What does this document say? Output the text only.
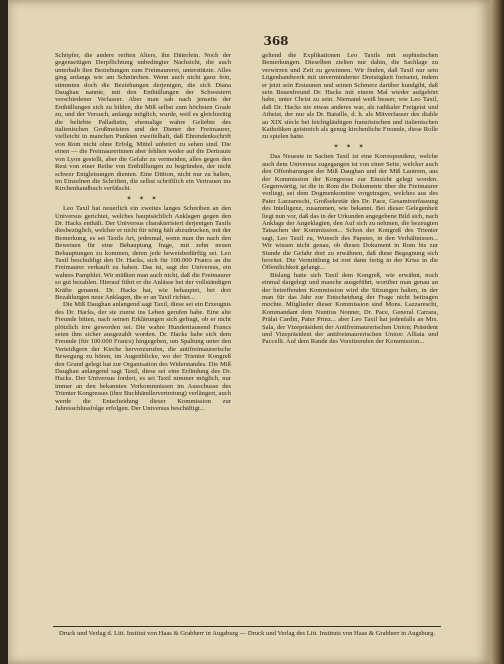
368

Schöpfer, die andere reiften Alters, ihn Däterlein. Noch der gegenseitigen Derpflichtung unbedingter Nachsicht, die auch unterhalb ihre Beziehungen zum Freimaurerei, unterstützte. Alles ging anfangs wie am Schnürchen. Wenn auch nicht ganz fein, stimmten doch die Beziehungen derjenigen, die sich Diana Daughan nannte, mit den Enthüllungen der Schwestern verschiedener Verfasser. Aber man sah nach jenseits der Enthüllungen sich zu bilden, die Miß selbst zum höchsten Grade zu, und der Versuch, anfangs möglich, wurde, weil es gleichzeitig die beliebte Palladistin, ehemalige wahre Geliebte des italienischen Großmeisters und der Diener der Freimaurer, vielleicht in manchen Punkten zweifelhaft, daß Ehrendenkschrift von Rom nicht ohne Erfolg, Mittel unbeirrt zu sehen sind. Die einen — die Freimaurerinnen aber fehlten weder auf die Dertraute von Lyon gestellt, aber die Gefahr zu vermeiden, alles gegen den Rest von einer Reihe von Enthüllungen zu begründen, der nicht schwer Entgleisungen dienten. Eine Dittion, nicht nur zu halten, im Einzelnen die Schriften, die selbst schriftlich ein Vertrauen ins Kirchenhandbuch verfälscht.

✶ ✶ ✶

Leo Taxil hat neuerlich ein zweites langes Schreiben an den Universus gerichtet, welches hauptsächlich Anklagen gegen den Dr. Hacks enthält. Der Universus charakterisiert derjenigen Taxils diesbezüglich, welcher er nicht für nötig hält abzudrucken, mit der Bemerkung, es sei Taxils Art, jedesmal, wenn man ihn nach den Beweisen für eine Behauptung frage, mit zehn neuen Behauptungen zu kommen, deren jede beweisbedürftig sei. Leo Taxil beschuldigt den Dr. Hacks, sich für 100.000 Francs an die Freimaurer verkauft zu haben. Das ist, sagt der Universus, ein wahres Pamphlet. Wir müßten man auch nicht, daß die Freimaurer so gut bezahlen. Hierauf führt er die Anlässe bei der vollständigen Kräfte genannt. Dr. Hacks hat, wie behauptet, bei drei Bezahlungen neue Anklagen, die er an Taxil richtet...

Die Miß Daughan anlangend sagt Taxil, diese sei ein Erzeugnis des Dr. Hacks, der sie zuerst ins Leben gerufen habe. Eine alte Freunde bitten, nach seinen Erklärungen sich gefragt, ob er nicht plötzlich irre geworden sei. Die wahre Hunderttausend Francs seien ihm sicher ausgezahlt worden. Dr. Hacks habe sich dem Freunde (für 100.000 Francs) hingegeben, um Spaltung unter den Verteidigern der Kirche hervorzurufen, die antifreimaurerische Bewegung zu hören, im Augenblicke, wo der Trienter Kongreß den Grund gelegt hat zur Organisation des Widerstandes. Die Miß Daughan anlangend sagt Taxil, diese sei eine Erfindung des Dr. Hacks. Der Universus fordert, es sei Taxil nimmer möglich, nur immer an den bekannten Vorkommnissen im Ausschusse des Trienter Kongresses (ihre Buchhändlervertretung) verlängert, auch werde die Entscheidung dieser Kommission zur Jahresschlussfolge erfolgen. Der Universus beschäftigt...

geltend die Explikationen Leo Taxils mit sophistischen Bemerkungen. Dieselben zielten nur dahin, die Sachlage zu verwirren und Zeit zu gewinnen. Wir finden, daß Taxil nur sein Lügenhandwerk mit unverminderter Dreistigkeit fortsetzt, indem er jetzt sein Erstaunen und seinen Schmerz darüber kundgibt, daß sein Busenfreund Dr. Hacks mit einem Mal wieder aufgehört habe, unter Christ zu sein. Niemand weiß besser, wie Leo Taxil, daß Dr. Hacks nie etwas anderes war, als radikaler Freigeist und Atheist, der nur als Dr. Bataille, d. h. als Mitverfasser des diable au XIX siècle bei leichtgläubigen französischen und italienischen Katholiken geistreich als genug kirchenliche Freunde, diese Rolle zu spielen hatte.

✶ ✶ ✶

Das Neueste in Sachen Taxil ist eine Korrespondenz, welche auch dem Universus zugegangen ist von einer Seite, welcher auch den Offenbarungen der Miß Daughan und der Miß Lautrem, aus der Kommission der Kongresse zur Einsicht gelegt worden. Gegenwärtig, ist die in Rom die Dokumente über die Freimaurer vorliegt, sei dem Dogmenkomitee vorgetragen, welches aus des Pater Lazzareschi, Großsekretär des Dr. Pace, Gesamtverfassung des Intelligenz, zusammen, wie bekannt. Bei dieser Gelegenheit liegt nun vor, daß das in der Urkunden angegebene Bild sich, nach Anklage der Angeklagten, den Auf sich zu nehmen, die bezeugten Tatsachen der Kommission... Schon der Kongreß des Trienter sagt, Leo Taxil zu, Wunsch des Papstes, in den Verhältnissen... Wir wissen nicht genau, ob dieses Dokument in Rom bis zur Stunde die Gefahr dort zu erwähnen, daß diese Begegnung sich bereitet. Die Vermittlung ist erst dann fertig in der Krise in die Öffentlichkeit gelangt...

Bislang hatte sich Taxil dem Kongreß, wie erwähnt, noch einmal dargelegt und manche ausgeführt, worüber man genau an der betreffenden Kommission wird die Sitzungen halten, in der man für das Jahr zur Entscheidung der Frage nicht beitragen mochte. Mitglieder dieser Kommission sind Mons. Lazzareschi, Kommandant dem Nuntius Nonner, Dr. Pace, General Carrara, Prälat Cardin, Pater Prinz... aber Leo Taxil hat jedenfalls an Mrs. Sala, der Vizepräsident der Antifreimaurerischen Union; Präsident und Vizepräsident der antifreimaurerischen Union: Alliata und Paccelli. Auf dem Rande des Vorsitzenden der Kommission...

Druck und Verlag d. Litt. Institut von Haas & Grabherr in Augsburg — Druck und Verlag des Litt. Instituts von Haas & Grabherr in Augsburg.
